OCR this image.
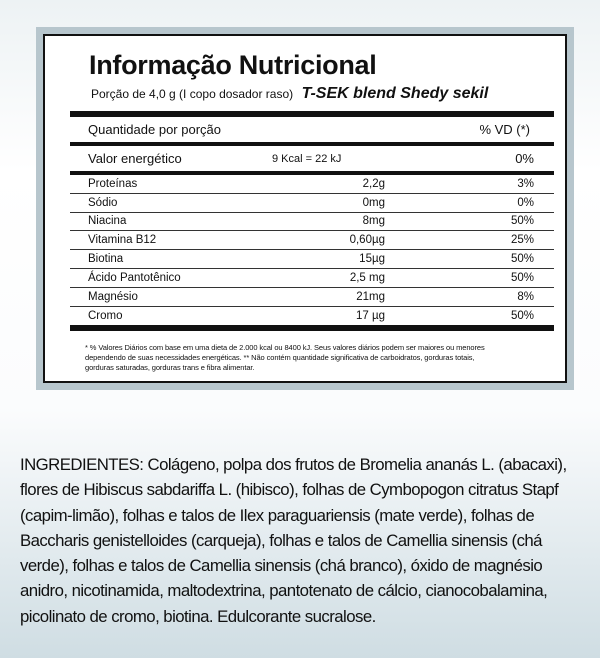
Informação Nutricional
Porção de 4,0 g (I copo dosador raso) T-SEK blend Shedy sekil
Quantidade por porção	% VD (*)
Valor energético	9 Kcal = 22 kJ	0%
Proteínas	2,2g	3%
Sódio	0mg	0%
Niacina	8mg	50%
Vitamina B12	0,60µg	25%
Biotina	15µg	50%
Ácido Pantotênico	2,5 mg	50%
Magnésio	21mg	8%
Cromo	17 µg	50%
* % Valores Diários com base em uma dieta de 2.000 kcal ou 8400 kJ. Seus valores diários podem ser maiores ou menores dependendo de suas necessidades energéticas. ** Não contém quantidade significativa de carboidratos, gorduras totais, gorduras saturadas, gorduras trans e fibra alimentar.
INGREDIENTES: Colágeno, polpa dos frutos de Bromelia ananás L. (abacaxi), flores de Hibiscus sabdariffa L. (hibisco), folhas de Cymbopogon citratus Stapf (capim-limão), folhas e talos de Ilex paraguariensis (mate verde), folhas de Baccharis genistelloides (carqueja), folhas e talos de Camellia sinensis (chá verde), folhas e talos de Camellia sinensis (chá branco), óxido de magnésio anidro, nicotinamida, maltodextrina, pantotenato de cálcio, cianocobalamina, picolinato de cromo, biotina. Edulcorante sucralose.
